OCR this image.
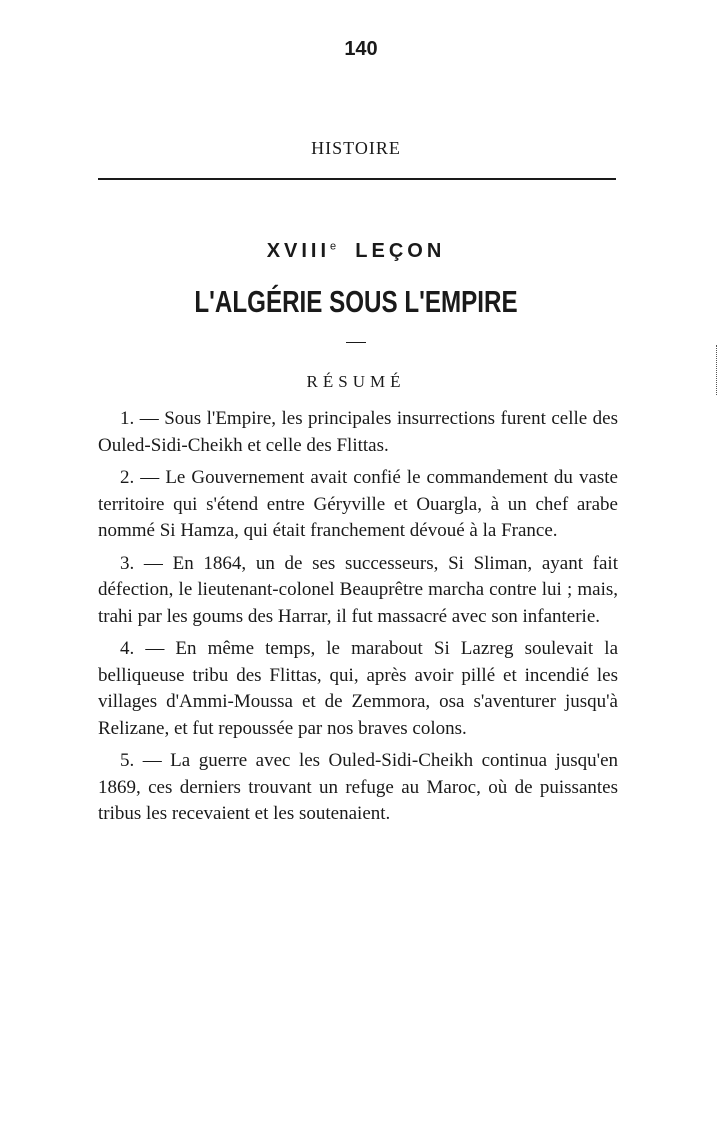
140
HISTOIRE
XVIIIe LEÇON
L'ALGÉRIE SOUS L'EMPIRE
RÉSUMÉ

1. — Sous l'Empire, les principales insurrections furent celle des Ouled-Sidi-Cheikh et celle des Flittas.

2. — Le Gouvernement avait confié le commandement du vaste territoire qui s'étend entre Géryville et Ouargla, à un chef arabe nommé Si Hamza, qui était franchement dévoué à la France.

3. — En 1864, un de ses successeurs, Si Sliman, ayant fait défection, le lieutenant-colonel Beauprêtre marcha contre lui ; mais, trahi par les goums des Harrar, il fut massacré avec son infanterie.

4. — En même temps, le marabout Si Lazreg soulevait la belliqueuse tribu des Flittas, qui, après avoir pillé et incendié les villages d'Ammi-Moussa et de Zemmora, osa s'aventurer jusqu'à Relizane, et fut repoussée par nos braves colons.

5. — La guerre avec les Ouled-Sidi-Cheikh continua jusqu'en 1869, ces derniers trouvant un refuge au Maroc, où de puissantes tribus les recevaient et les soutenaient.
